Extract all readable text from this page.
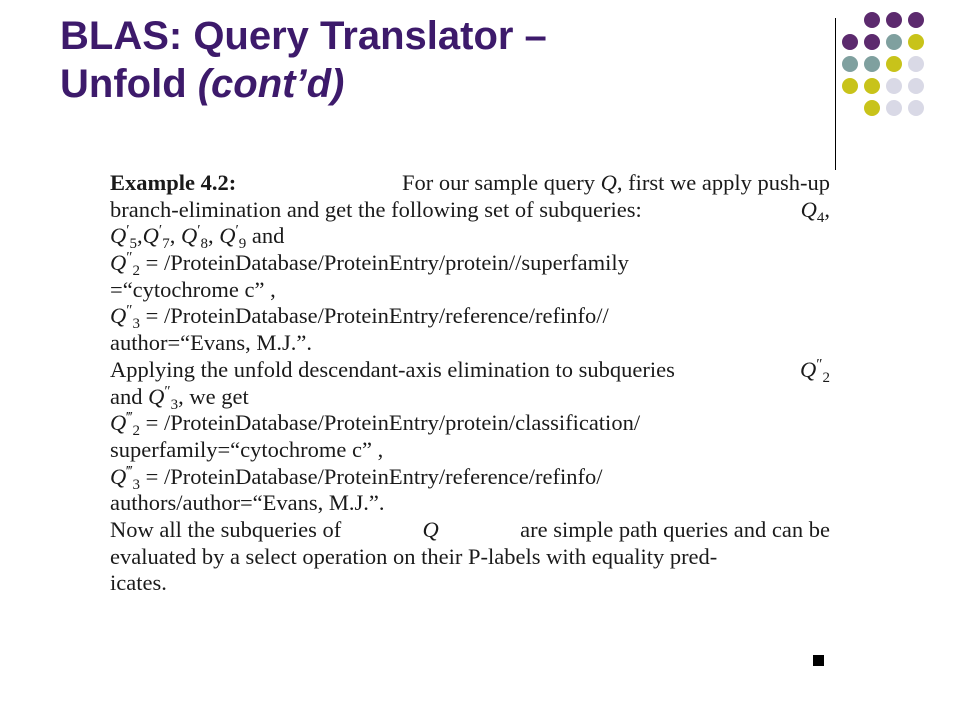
BLAS: Query Translator –
Unfold (cont’d)
Example 4.2:	For our sample query Q, first we apply push-up
branch-elimination and get the following set of subqueries:	$Q_4$,
$Q'_5,Q'_7$, $Q'_8$, $Q'_9$ and
$Q''_2$ = /ProteinDatabase/ProteinEntry/protein//superfamily
=“cytochrome c” ,
$Q''_3$ = /ProteinDatabase/ProteinEntry/reference/refinfo//
author=“Evans, M.J.”.
Applying the unfold descendant-axis elimination to subqueries	$Q''_2$
and $Q''_3$, we get
$Q^‴_2$ = /ProteinDatabase/ProteinEntry/protein/classification/
superfamily=“cytochrome c” ,
$Q^‴_3$ = /ProteinDatabase/ProteinEntry/reference/refinfo/
authors/author=“Evans, M.J.”.
Now all the subqueries of	Q	are simple path queries and can be
evaluated by a select operation on their P-labels with equality pred-
icates.
